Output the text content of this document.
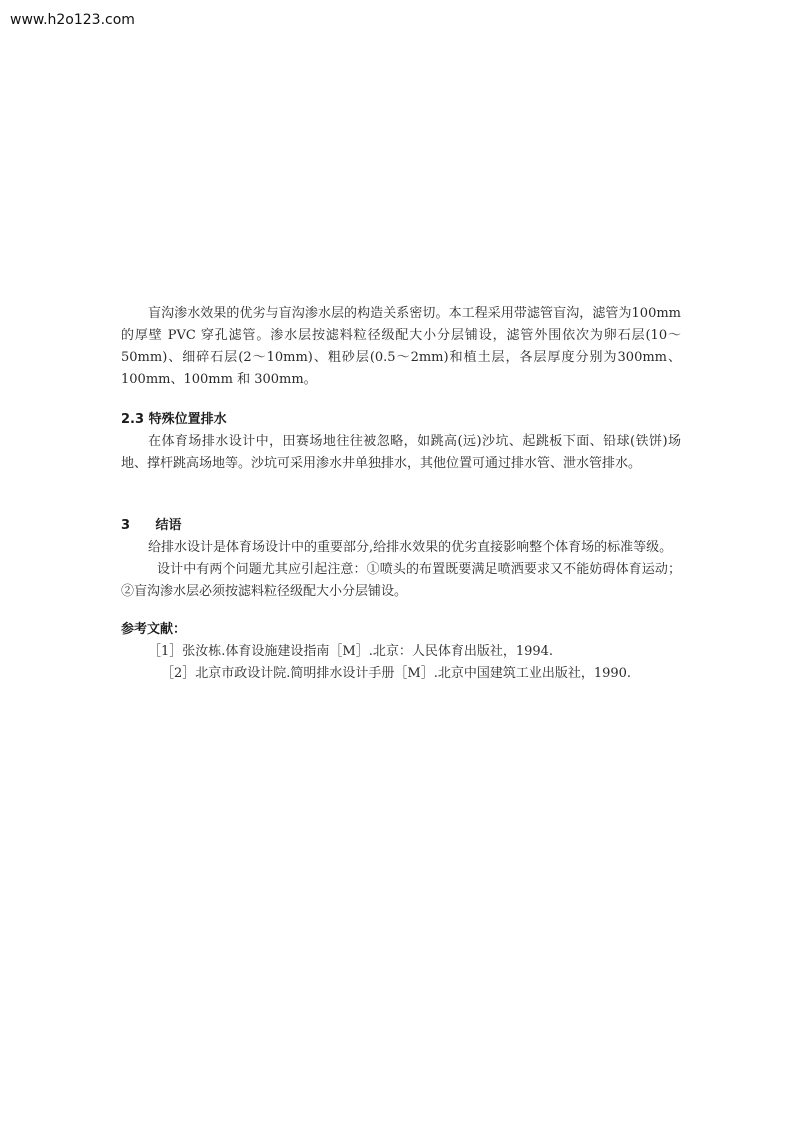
www.h2o123.com

盲沟渗水效果的优劣与盲沟渗水层的构造关系密切。本工程采用带滤管盲沟，滤管为100mm 的厚壁 PVC 穿孔滤管。渗水层按滤料粒径级配大小分层铺设，滤管外围依次为卵石层(10～50mm)、细碎石层(2～10mm)、粗砂层(0.5～2mm)和植土层，各层厚度分别为300mm、100mm、100mm 和 300mm。

2.3 特殊位置排水

在体育场排水设计中，田赛场地往往被忽略，如跳高(远)沙坑、起跳板下面、铅球(铁饼)场地、撑杆跳高场地等。沙坑可采用渗水井单独排水，其他位置可通过排水管、泄水管排水。

3 结语

给排水设计是体育场设计中的重要部分,给排水效果的优劣直接影响整个体育场的标准等级。

设计中有两个问题尤其应引起注意：①喷头的布置既要满足喷洒要求又不能妨碍体育运动；②盲沟渗水层必须按滤料粒径级配大小分层铺设。

参考文献：
［1］张汝栋.体育设施建设指南［M］.北京：人民体育出版社，1994.
［2］北京市政设计院.简明排水设计手册［M］.北京中国建筑工业出版社，1990.
